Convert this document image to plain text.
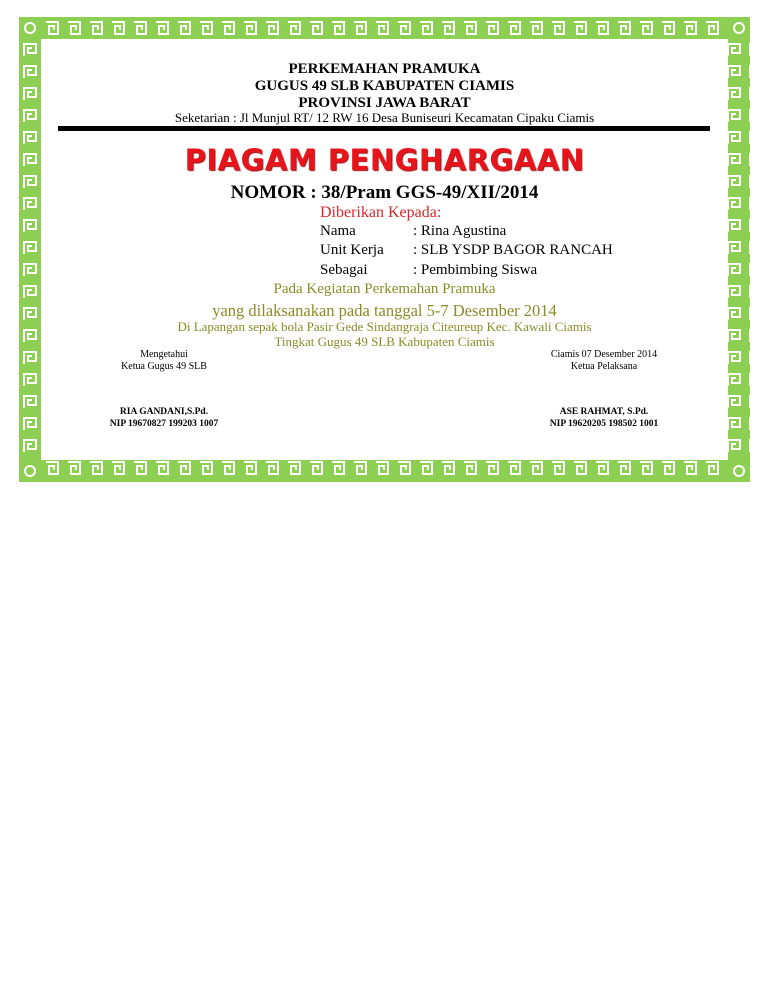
PERKEMAHAN PRAMUKA
GUGUS 49 SLB KABUPATEN CIAMIS
PROVINSI JAWA BARAT
Seketarian : Jl Munjul RT/ 12 RW 16 Desa Buniseuri Kecamatan Cipaku Ciamis
PIAGAM PENGHARGAAN
NOMOR : 38/Pram GGS-49/XII/2014
Diberikan Kepada:
Nama	: Rina Agustina
Unit Kerja : SLB YSDP BAGOR RANCAH
Sebagai	: Pembimbing Siswa
Pada Kegiatan Perkemahan Pramuka
yang dilaksanakan pada tanggal 5-7 Desember 2014
Di Lapangan sepak bola Pasir Gede Sindangraja Citeureup Kec. Kawali Ciamis
Tingkat Gugus 49 SLB Kabupaten Ciamis
Mengetahui
Ketua Gugus 49 SLB
RIA GANDANI,S.Pd.
NIP 19670827 199203 1007
Ciamis 07 Desember 2014
Ketua Pelaksana
ASE RAHMAT, S.Pd.
NIP 19620205 198502 1001
